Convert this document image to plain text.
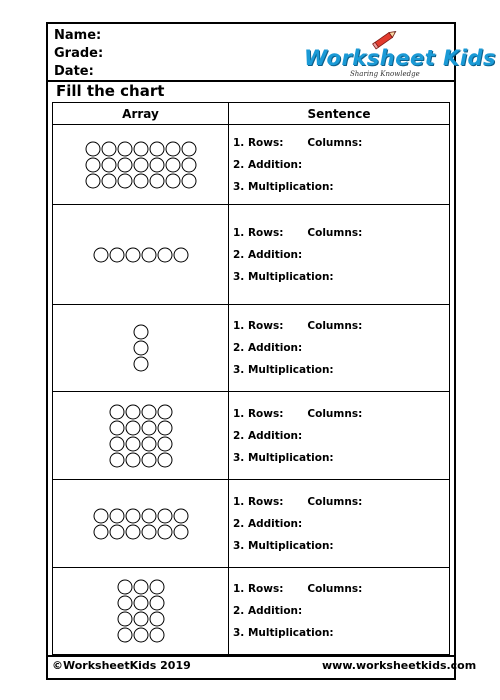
Name:
Grade:
Date:
Worksheet Kids
Sharing Knowledge
Fill the chart
Array	Sentence

	1. Rows: Columns:
2. Addition:
3. Multiplication:

	1. Rows: Columns:
2. Addition:
3. Multiplication:

	1. Rows: Columns:
2. Addition:
3. Multiplication:

	1. Rows: Columns:
2. Addition:
3. Multiplication:

	1. Rows: Columns:
2. Addition:
3. Multiplication:

	1. Rows: Columns:
2. Addition:
3. Multiplication:
©WorksheetKids 2019	www.worksheetkids.com
